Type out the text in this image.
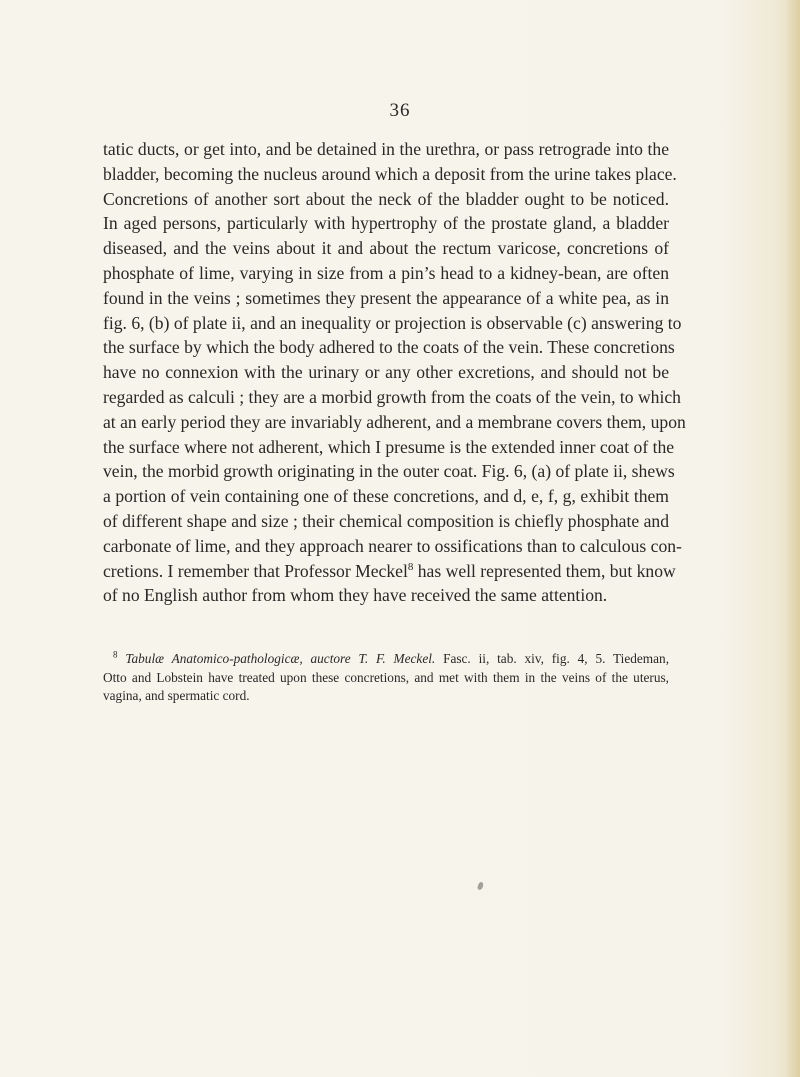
36
tatic ducts, or get into, and be detained in the urethra, or pass retrograde into the
bladder, becoming the nucleus around which a deposit from the urine takes place.
Concretions of another sort about the neck of the bladder ought to be noticed.
In aged persons, particularly with hypertrophy of the prostate gland, a bladder
diseased, and the veins about it and about the rectum varicose, concretions of
phosphate of lime, varying in size from a pin’s head to a kidney-bean, are often
found in the veins ; sometimes they present the appearance of a white pea, as in
fig. 6, (b) of plate ii, and an inequality or projection is observable (c) answering to
the surface by which the body adhered to the coats of the vein. These concretions
have no connexion with the urinary or any other excretions, and should not be
regarded as calculi ; they are a morbid growth from the coats of the vein, to which
at an early period they are invariably adherent, and a membrane covers them, upon
the surface where not adherent, which I presume is the extended inner coat of the
vein, the morbid growth originating in the outer coat. Fig. 6, (a) of plate ii, shews
a portion of vein containing one of these concretions, and d, e, f, g, exhibit them
of different shape and size ; their chemical composition is chiefly phosphate and
carbonate of lime, and they approach nearer to ossifications than to calculous con-
cretions. I remember that Professor Meckel$^8$ has well represented them, but know
of no English author from whom they have received the same attention.
$^8$ Tabulæ Anatomico-pathologicæ, auctore T. F. Meckel. Fasc. ii, tab. xiv, fig. 4, 5. Tiedeman,
Otto and Lobstein have treated upon these concretions, and met with them in the veins of the uterus,
vagina, and spermatic cord.
